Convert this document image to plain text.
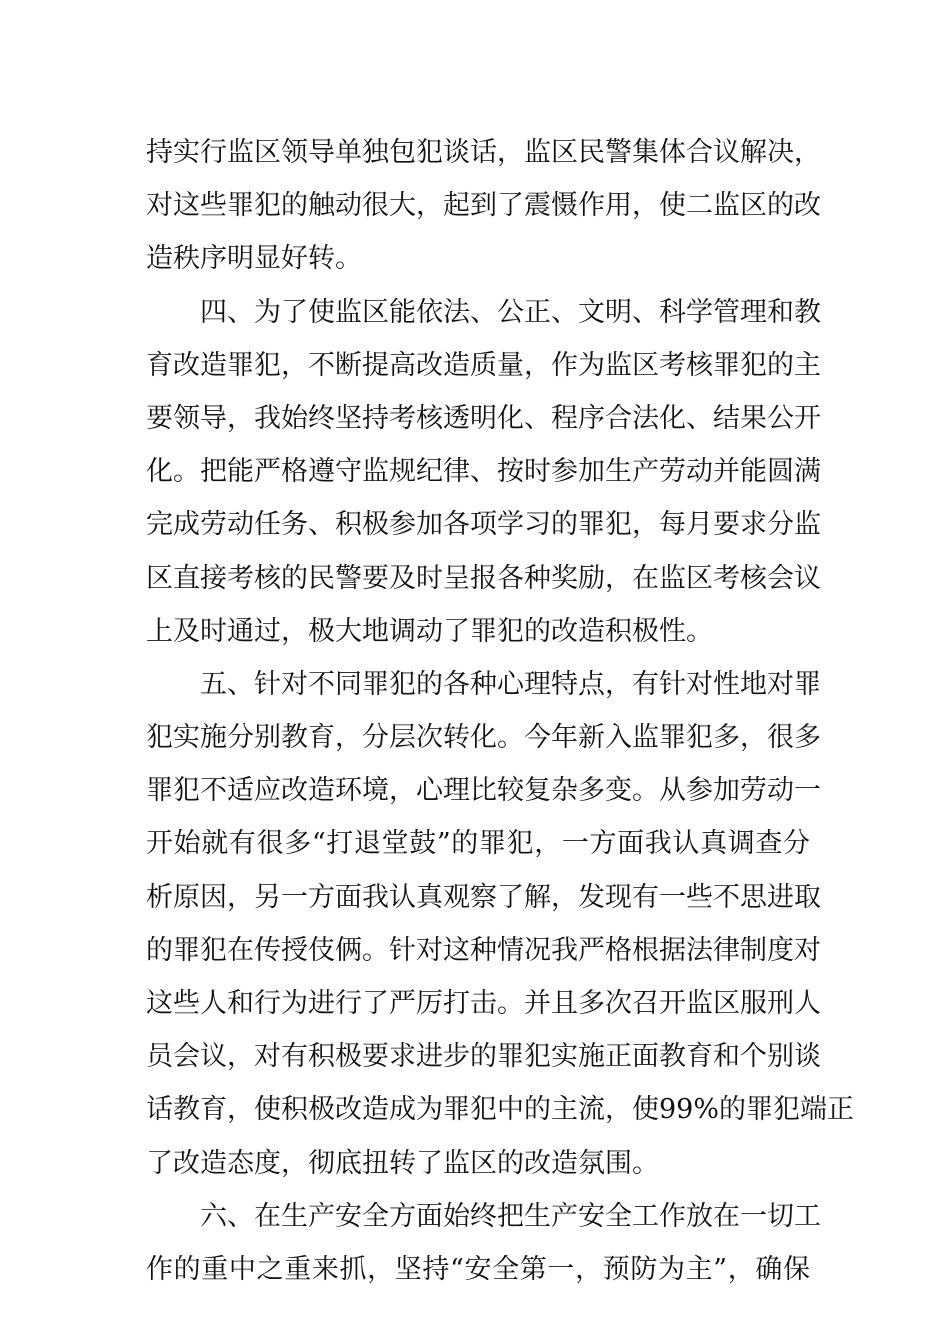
持实行监区领导单独包犯谈话，监区民警集体合议解决，
对这些罪犯的触动很大，起到了震慑作用，使二监区的改
造秩序明显好转。
四、为了使监区能依法、公正、文明、科学管理和教
育改造罪犯，不断提高改造质量，作为监区考核罪犯的主
要领导，我始终坚持考核透明化、程序合法化、结果公开
化。把能严格遵守监规纪律、按时参加生产劳动并能圆满
完成劳动任务、积极参加各项学习的罪犯，每月要求分监
区直接考核的民警要及时呈报各种奖励，在监区考核会议
上及时通过，极大地调动了罪犯的改造积极性。
五、针对不同罪犯的各种心理特点，有针对性地对罪
犯实施分别教育，分层次转化。今年新入监罪犯多，很多
罪犯不适应改造环境，心理比较复杂多变。从参加劳动一
开始就有很多“打退堂鼓”的罪犯，一方面我认真调查分
析原因，另一方面我认真观察了解，发现有一些不思进取
的罪犯在传授伎俩。针对这种情况我严格根据法律制度对
这些人和行为进行了严厉打击。并且多次召开监区服刑人
员会议，对有积极要求进步的罪犯实施正面教育和个别谈
话教育，使积极改造成为罪犯中的主流，使99%的罪犯端正
了改造态度，彻底扭转了监区的改造氛围。
六、在生产安全方面始终把生产安全工作放在一切工
作的重中之重来抓，坚持“安全第一，预防为主”，确保
